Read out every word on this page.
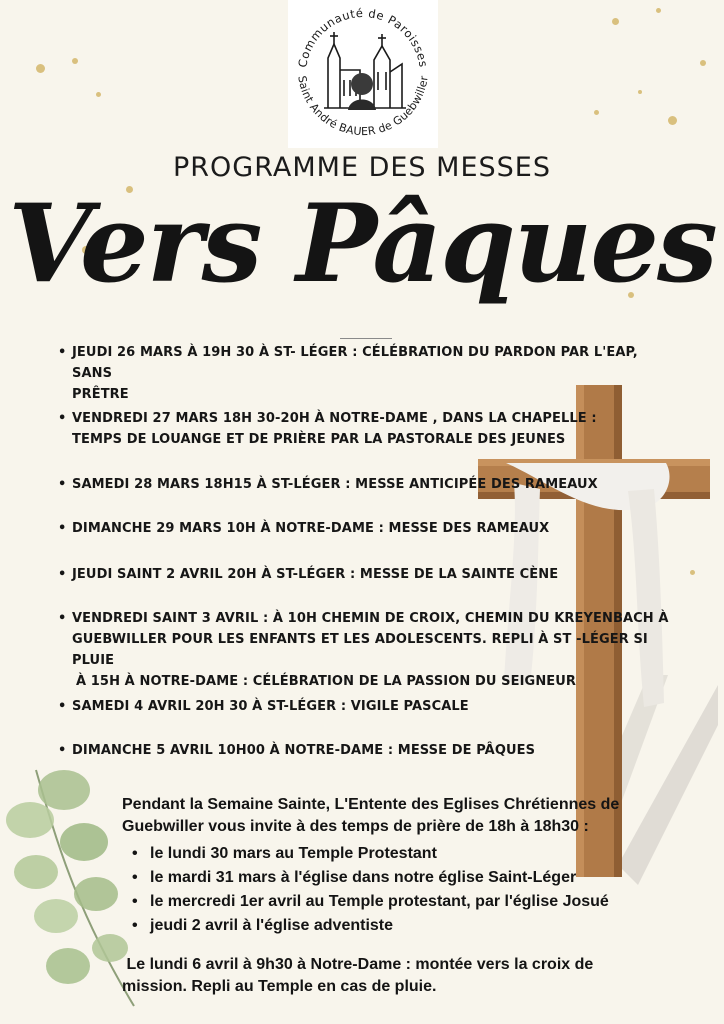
Communauté de Paroisses
Saint André BAUER de Guebwiller
PROGRAMME DES MESSES
Vers Pâques
• JEUDI 26 MARS À 19H 30 À ST- LÉGER : CÉLÉBRATION DU PARDON PAR L'EAP, SANS
PRÊTRE
• VENDREDI 27 MARS 18H 30-20H À NOTRE-DAME , DANS LA CHAPELLE :
TEMPS DE LOUANGE ET DE PRIÈRE PAR LA PASTORALE DES JEUNES
• SAMEDI 28 MARS 18H15 À ST-LÉGER : MESSE ANTICIPÉE DES RAMEAUX
• DIMANCHE 29 MARS 10H À NOTRE-DAME : MESSE DES RAMEAUX
• JEUDI SAINT 2 AVRIL 20H À ST-LÉGER : MESSE DE LA SAINTE CÈNE
• VENDREDI SAINT 3 AVRIL : À 10H CHEMIN DE CROIX, CHEMIN DU KREYENBACH À
GUEBWILLER POUR LES ENFANTS ET LES ADOLESCENTS. REPLI À ST -LÉGER SI PLUIE
À 15H À NOTRE-DAME : CÉLÉBRATION DE LA PASSION DU SEIGNEUR
• SAMEDI 4 AVRIL 20H 30 À ST-LÉGER : VIGILE PASCALE
• DIMANCHE 5 AVRIL 10H00 À NOTRE-DAME : MESSE DE PÂQUES
Pendant la Semaine Sainte, L'Entente des Eglises Chrétiennes de
Guebwiller vous invite à des temps de prière de 18h à 18h30 :
• le lundi 30 mars au Temple Protestant
• le mardi 31 mars à l'église dans notre église Saint-Léger
• le mercredi 1er avril au Temple protestant, par l'église Josué
• jeudi 2 avril à l'église adventiste
Le lundi 6 avril à 9h30 à Notre-Dame : montée vers la croix de
mission. Repli au Temple en cas de pluie.
